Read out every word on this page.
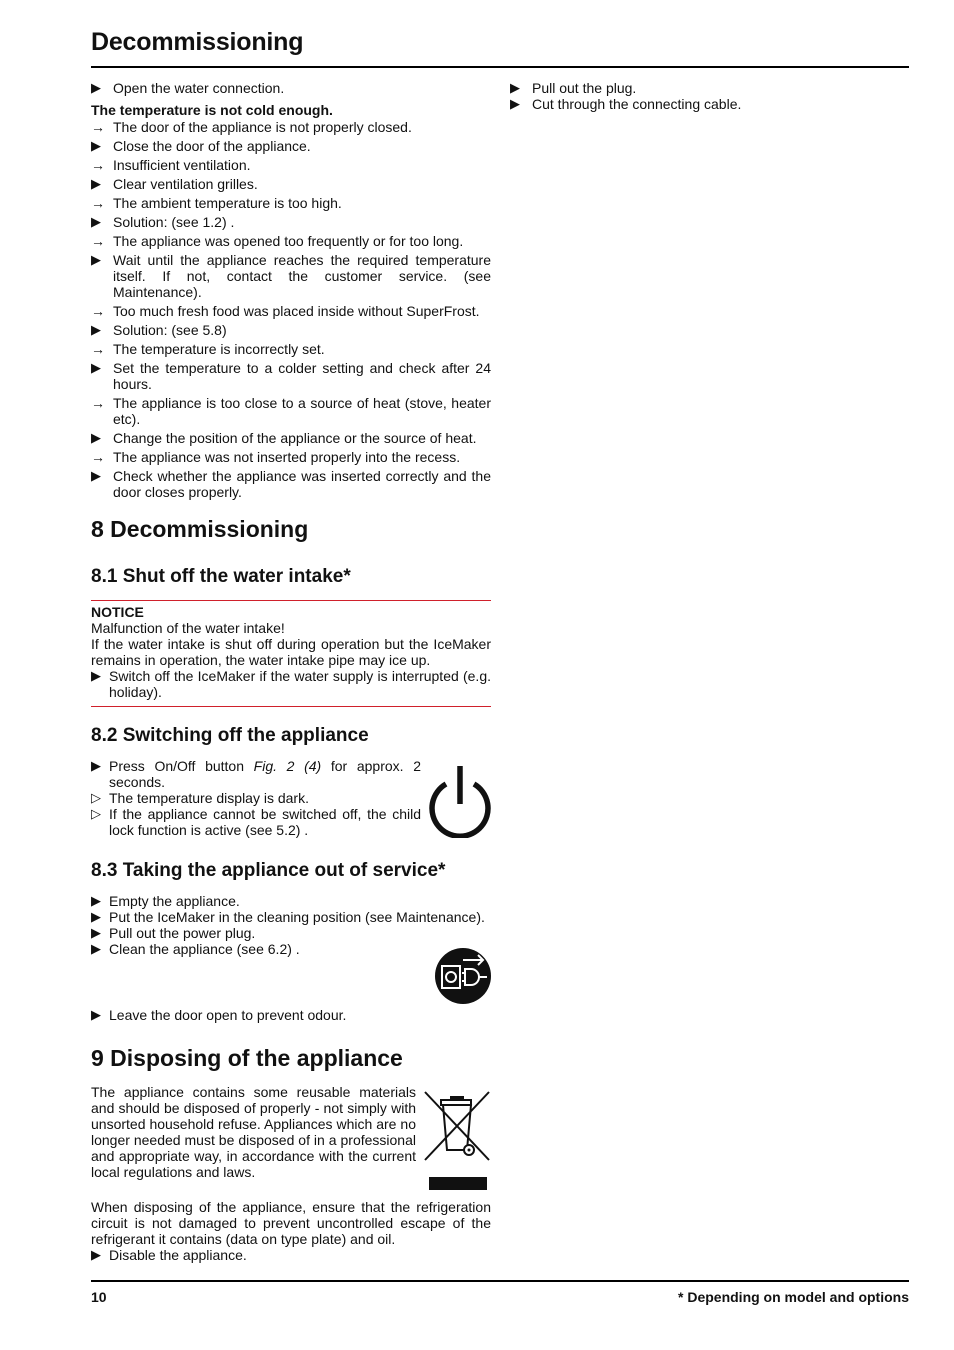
Decommissioning
▶ Open the water connection.
The temperature is not cold enough.
→ The door of the appliance is not properly closed.
▶ Close the door of the appliance.
→ Insufficient ventilation.
▶ Clear ventilation grilles.
→ The ambient temperature is too high.
▶ Solution: (see 1.2) .
→ The appliance was opened too frequently or for too long.
▶ Wait until the appliance reaches the required temperature itself. If not, contact the customer service. (see Maintenance).
→ Too much fresh food was placed inside without SuperFrost.
▶ Solution: (see 5.8)
→ The temperature is incorrectly set.
▶ Set the temperature to a colder setting and check after 24 hours.
→ The appliance is too close to a source of heat (stove, heater etc).
▶ Change the position of the appliance or the source of heat.
→ The appliance was not inserted properly into the recess.
▶ Check whether the appliance was inserted correctly and the door closes properly.
▶ Pull out the plug.
▶ Cut through the connecting cable.
8 Decommissioning
8.1 Shut off the water intake*

NOTICE

Malfunction of the water intake!

If the water intake is shut off during operation but the IceMaker remains in operation, the water intake pipe may ice up.

▶ Switch off the IceMaker if the water supply is interrupted (e.g. holiday).
8.2 Switching off the appliance
▶ Press On/Off button Fig. 2 (4) for approx. 2 seconds.
▷ The temperature display is dark.
▷ If the appliance cannot be switched off, the child lock function is active (see 5.2) .
8.3 Taking the appliance out of service*
▶ Empty the appliance.
▶ Put the IceMaker in the cleaning position (see Maintenance).
▶ Pull out the power plug.
▶ Clean the appliance (see 6.2) .
▶ Leave the door open to prevent odour.
9 Disposing of the appliance

The appliance contains some reusable materials and should be disposed of properly - not simply with unsorted household refuse. Appliances which are no longer needed must be disposed of in a professional and appropriate way, in accordance with the current local regulations and laws.

When disposing of the appliance, ensure that the refrigeration circuit is not damaged to prevent uncontrolled escape of the refrigerant it contains (data on type plate) and oil.

▶ Disable the appliance.
10	* Depending on model and options
